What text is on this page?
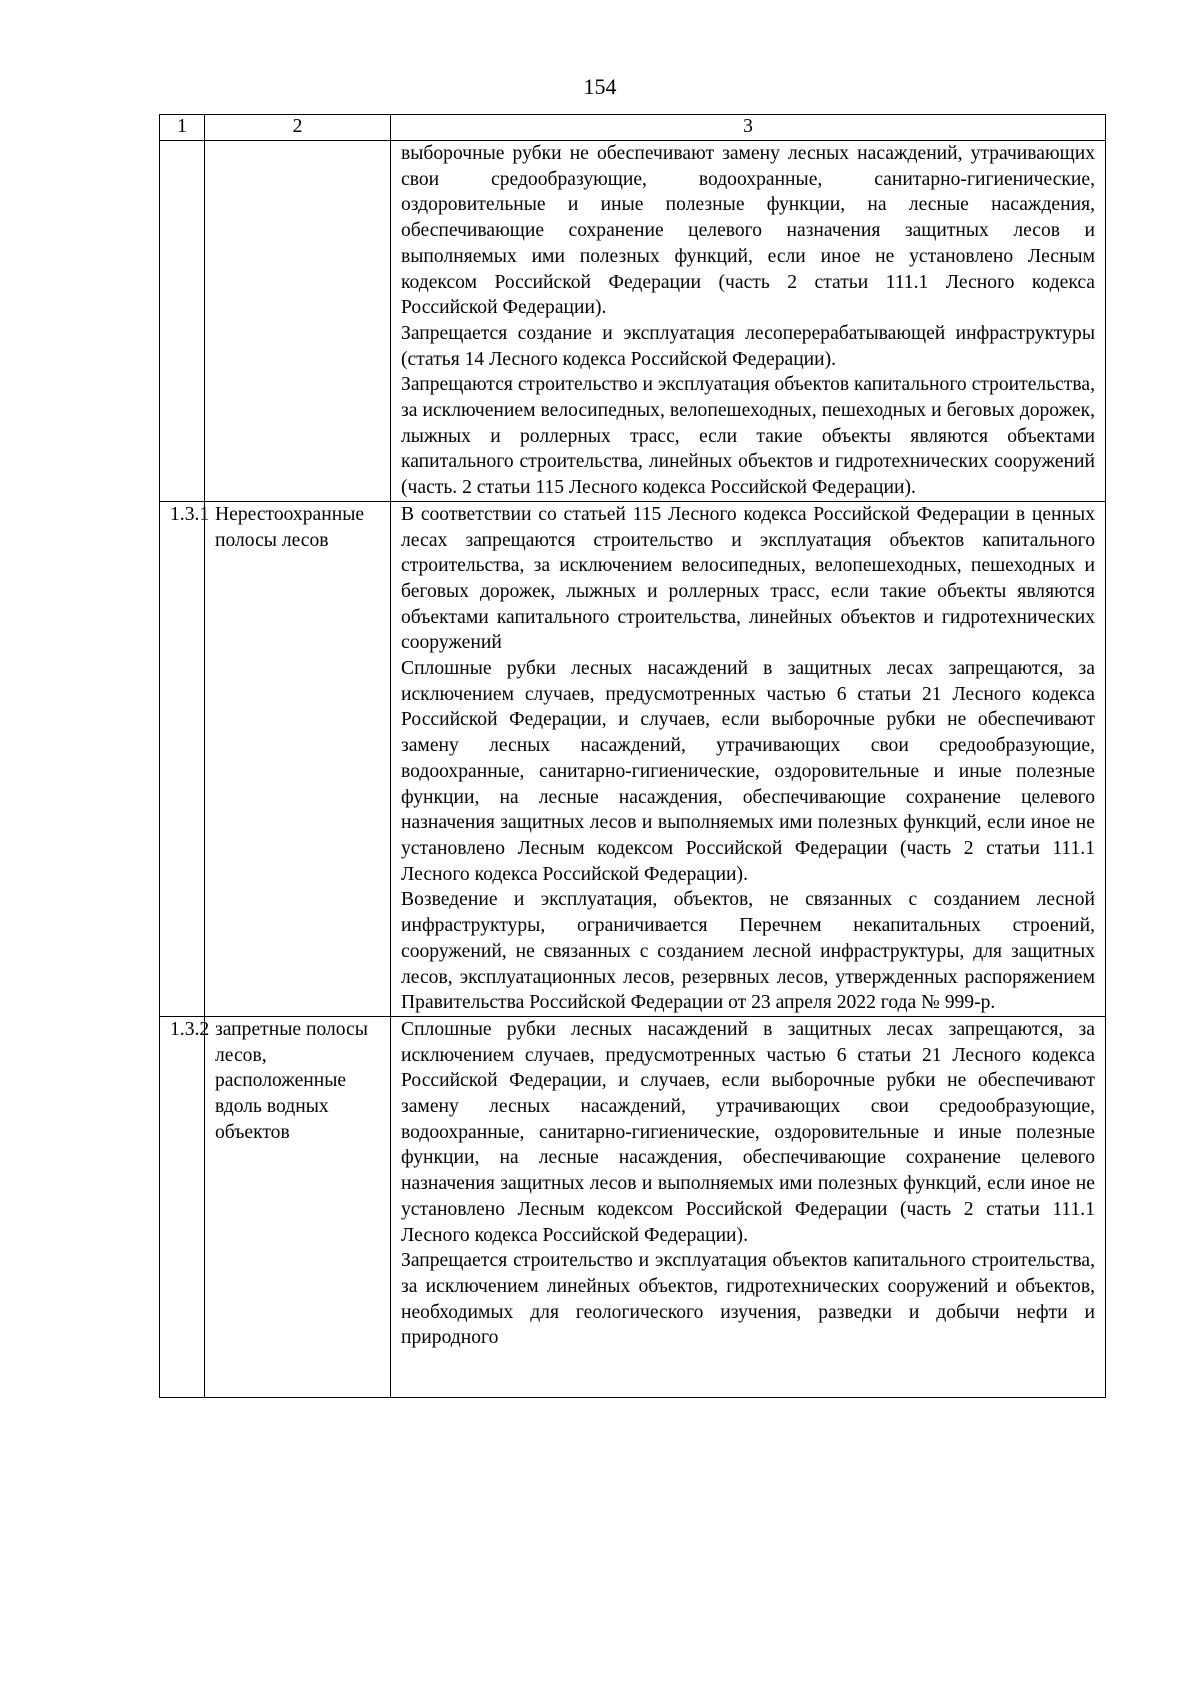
154
1	2	3

		выборочные рубки не обеспечивают замену лесных насаждений, утрачивающих свои средообразующие, водоохранные, санитарно-гигиенические, оздоровительные и иные полезные функции, на лесные насаждения, обеспечивающие сохранение целевого назначения защитных лесов и выполняемых ими полезных функций, если иное не установлено Лесным кодексом Российской Федерации (часть 2 статьи 111.1 Лесного кодекса Российской Федерации).

Запрещается создание и эксплуатация лесоперерабатывающей инфраструктуры (статья 14 Лесного кодекса Российской Федерации).

Запрещаются строительство и эксплуатация объектов капитального строительства, за исключением велосипедных, велопешеходных, пешеходных и беговых дорожек, лыжных и роллерных трасс, если такие объекты являются объектами капитального строительства, линейных объектов и гидротехнических сооружений (часть. 2 статьи 115 Лесного кодекса Российской Федерации).

1.3.1	Нерестоохранные полосы лесов	В соответствии со статьей 115 Лесного кодекса Российской Федерации в ценных лесах запрещаются строительство и эксплуатация объектов капитального строительства, за исключением велосипедных, велопешеходных, пешеходных и беговых дорожек, лыжных и роллерных трасс, если такие объекты являются объектами капитального строительства, линейных объектов и гидротехнических сооружений

Сплошные рубки лесных насаждений в защитных лесах запрещаются, за исключением случаев, предусмотренных частью 6 статьи 21 Лесного кодекса Российской Федерации, и случаев, если выборочные рубки не обеспечивают замену лесных насаждений, утрачивающих свои средообразующие, водоохранные, санитарно-гигиенические, оздоровительные и иные полезные функции, на лесные насаждения, обеспечивающие сохранение целевого назначения защитных лесов и выполняемых ими полезных функций, если иное не установлено Лесным кодексом Российской Федерации (часть 2 статьи 111.1 Лесного кодекса Российской Федерации).

Возведение и эксплуатация, объектов, не связанных с созданием лесной инфраструктуры, ограничивается Перечнем некапитальных строений, сооружений, не связанных с созданием лесной инфраструктуры, для защитных лесов, эксплуатационных лесов, резервных лесов, утвержденных распоряжением Правительства Российской Федерации от 23 апреля 2022 года № 999-р.

1.3.2	запретные полосы лесов, расположенные вдоль водных объектов	Сплошные рубки лесных насаждений в защитных лесах запрещаются, за исключением случаев, предусмотренных частью 6 статьи 21 Лесного кодекса Российской Федерации, и случаев, если выборочные рубки не обеспечивают замену лесных насаждений, утрачивающих свои средообразующие, водоохранные, санитарно-гигиенические, оздоровительные и иные полезные функции, на лесные насаждения, обеспечивающие сохранение целевого назначения защитных лесов и выполняемых ими полезных функций, если иное не установлено Лесным кодексом Российской Федерации (часть 2 статьи 111.1 Лесного кодекса Российской Федерации).

Запрещается строительство и эксплуатация объектов капитального строительства, за исключением линейных объектов, гидротехнических сооружений и объектов, необходимых для геологического изучения, разведки и добычи нефти и природного
